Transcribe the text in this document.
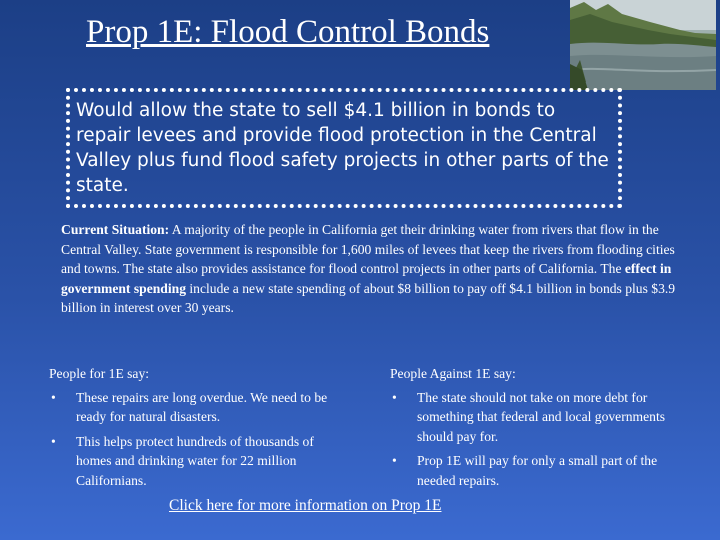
Prop 1E: Flood Control Bonds
Would allow the state to sell $4.1 billion in bonds to repair levees and provide flood protection in the Central Valley plus fund flood safety projects in other parts of the state.
Current Situation: A majority of the people in California get their drinking water from rivers that flow in the Central Valley. State government is responsible for 1,600 miles of levees that keep the rivers from flooding cities and towns. The state also provides assistance for flood control projects in other parts of California. The effect in government spending include a new state spending of about $8 billion to pay off $4.1 billion in bonds plus $3.9 billion in interest over 30 years.
People for 1E say:
• These repairs are long overdue. We need to be ready for natural disasters.
• This helps protect hundreds of thousands of homes and drinking water for 22 million Californians.
People Against 1E say:
• The state should not take on more debt for something that federal and local governments should pay for.
• Prop 1E will pay for only a small part of the needed repairs.
Click here for more information on Prop 1E
